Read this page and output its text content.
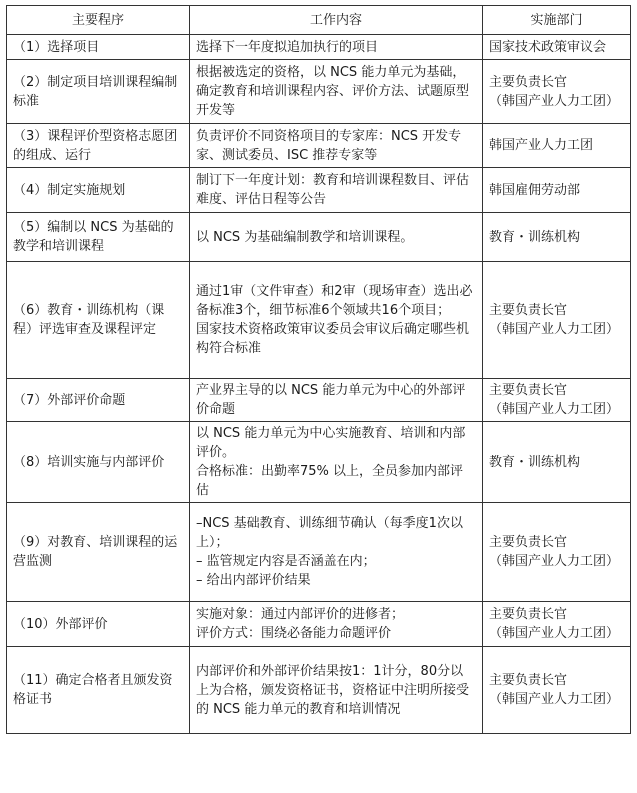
主要程序	工作内容	实施部门
（1）选择项目	选择下一年度拟追加执行的项目	国家技术政策审议会

（2）制定项目培训课程编制标准	根据被选定的资格，以 NCS 能力单元为基础，确定教育和培训课程内容、评价方法、试题原型开发等	主要负责长官
（韩国产业人力工团）

（3）课程评价型资格志愿团的组成、运行	负责评价不同资格项目的专家库：NCS 开发专家、测试委员、ISC 推荐专家等	韩国产业人力工团

（4）制定实施规划	制订下一年度计划：教育和培训课程数目、评估难度、评估日程等公告	韩国雇佣劳动部

（5）编制以 NCS 为基础的教学和培训课程	以 NCS 为基础编制教学和培训课程。	教育・训练机构

（6）教育・训练机构（课程）评选审查及课程评定	通过1审（文件审查）和2审（现场审查）选出必备标准3个，细节标准6个领域共16个项目；
国家技术资格政策审议委员会审议后确定哪些机构符合标准	主要负责长官
（韩国产业人力工团）

（7）外部评价命题	产业界主导的以 NCS 能力单元为中心的外部评价命题	主要负责长官
（韩国产业人力工团）

（8）培训实施与内部评价	以 NCS 能力单元为中心实施教育、培训和内部评价。
合格标准：出勤率75% 以上，全员参加内部评估	教育・训练机构

（9）对教育、培训课程的运营监测	–NCS 基础教育、训练细节确认（每季度1次以上）；
– 监管规定内容是否涵盖在内；
– 给出内部评价结果	主要负责长官
（韩国产业人力工团）

（10）外部评价	实施对象：通过内部评价的进修者；
评价方式：围绕必备能力命题评价	主要负责长官
（韩国产业人力工团）

（11）确定合格者且颁发资格证书	内部评价和外部评价结果按1：1计分，80分以上为合格，颁发资格证书，资格证中注明所接受的 NCS 能力单元的教育和培训情况	主要负责长官
（韩国产业人力工团）
